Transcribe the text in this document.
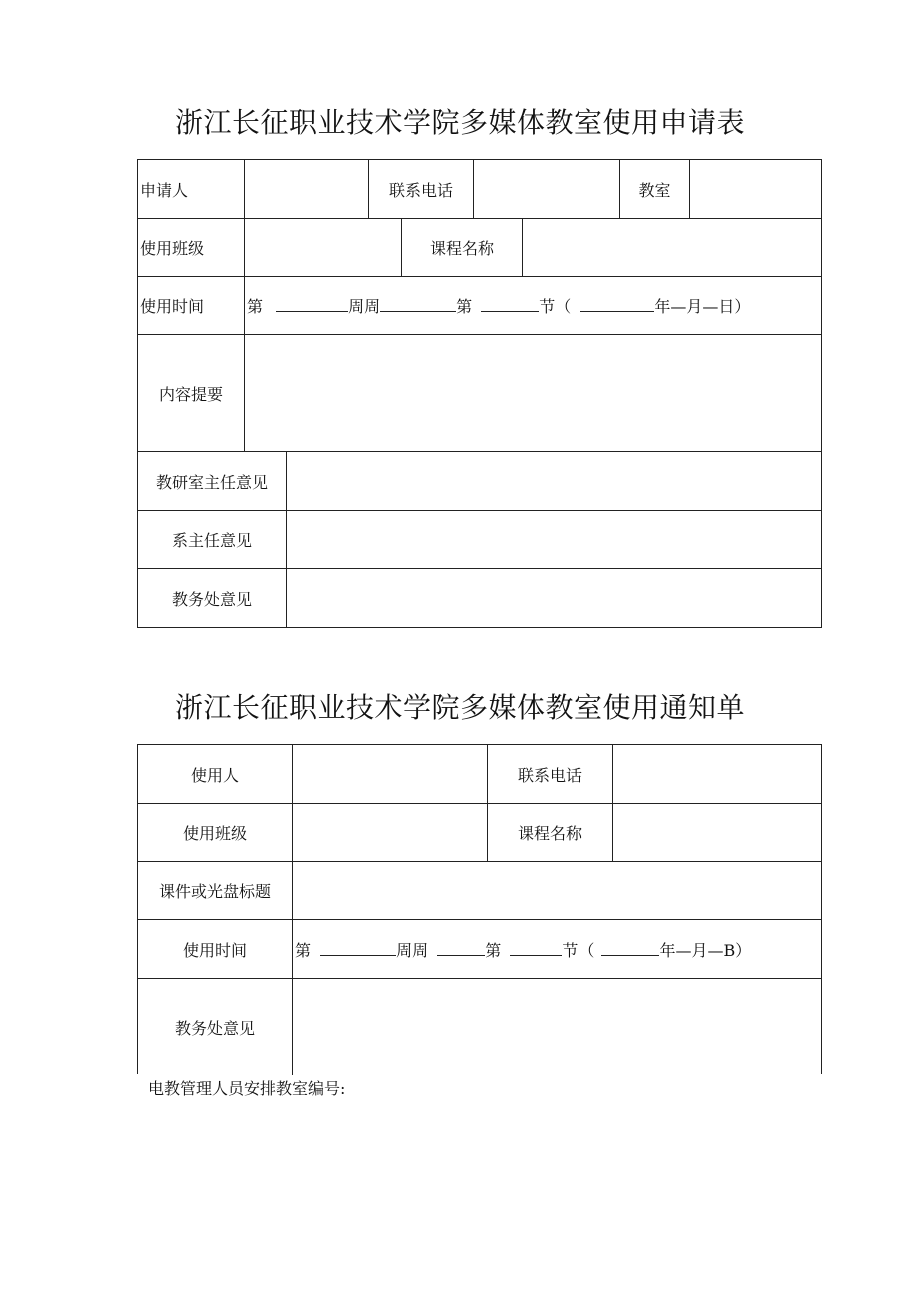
浙江长征职业技术学院多媒体教室使用申请表
申请人	联系电话	教室
使用班级	课程名称
使用时间	第	周周	第	节（	年—月—日）
内容提要
教研室主任意见
系主任意见
教务处意见
浙江长征职业技术学院多媒体教室使用通知单
使用人	联系电话
使用班级	课程名称
课件或光盘标题
使用时间	第	周周	第	节（	年—月—B）
教务处意见
电教管理人员安排教室编号:
